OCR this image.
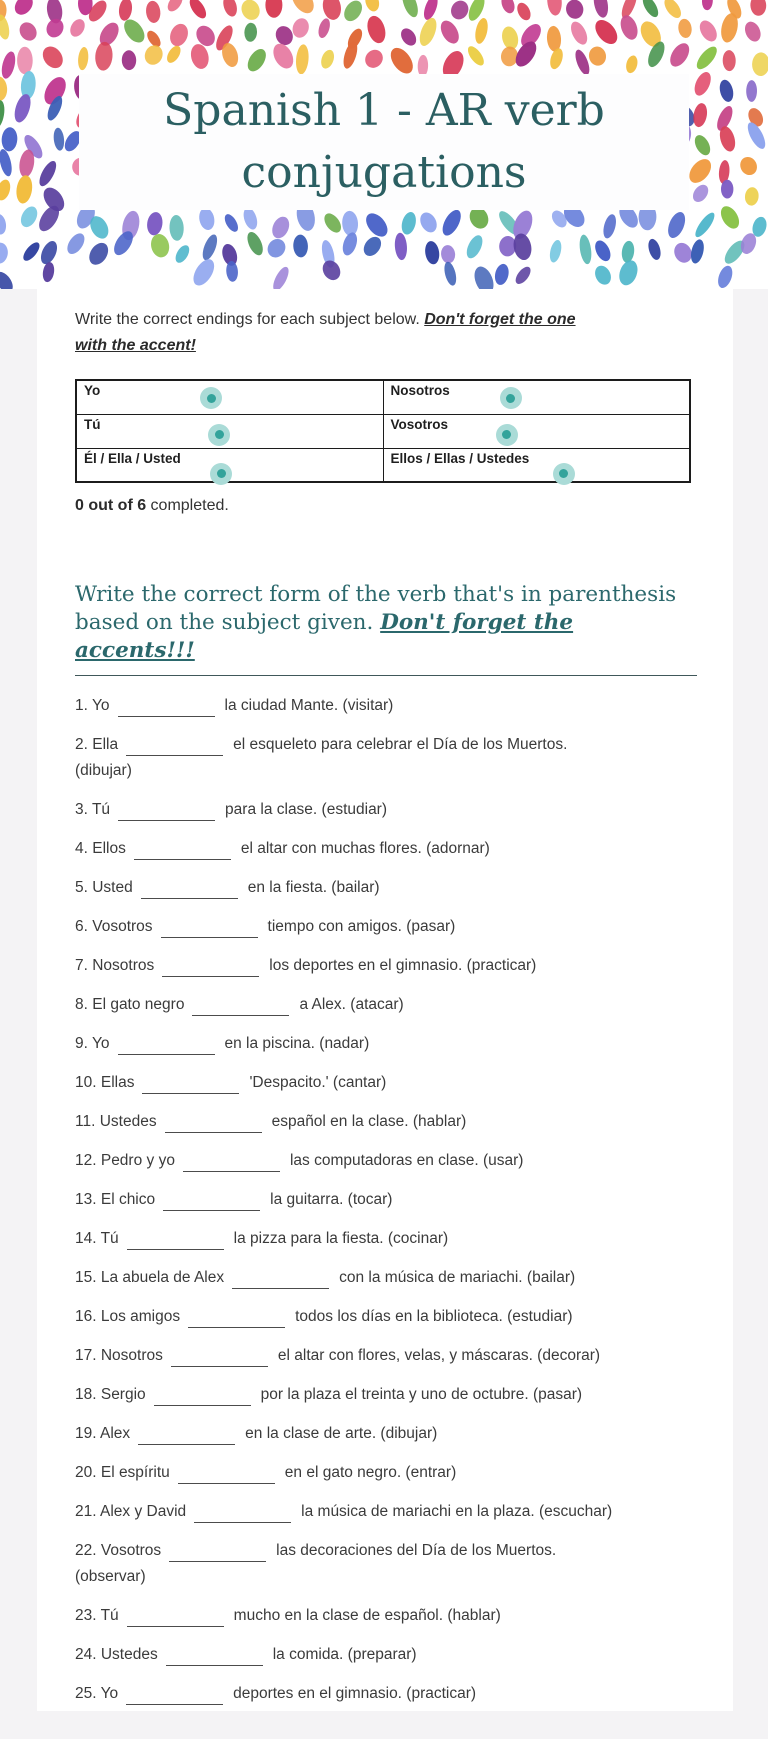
Spanish 1 - AR verb conjugations

Write the correct endings for each subject below. Don't forget the one
with the accent!

Yo	Nosotros

Tú	Vosotros

Él / Ella / Usted	Ellos / Ellas / Ustedes

0 out of 6 completed.

Write the correct form of the verb that's in parenthesis
based on the subject given. Don't forget the accents!!!
1. Yo	la ciudad Mante. (visitar)
2. Ella	el esqueleto para celebrar el Día de los Muertos.
(dibujar)
3. Tú	para la clase. (estudiar)
4. Ellos	el altar con muchas flores. (adornar)
5. Usted	en la fiesta. (bailar)
6. Vosotros	tiempo con amigos. (pasar)
7. Nosotros	los deportes en el gimnasio. (practicar)
8. El gato negro	a Alex. (atacar)
9. Yo	en la piscina. (nadar)
10. Ellas	'Despacito.' (cantar)
11. Ustedes	español en la clase. (hablar)
12. Pedro y yo	las computadoras en clase. (usar)
13. El chico	la guitarra. (tocar)
14. Tú	la pizza para la fiesta. (cocinar)
15. La abuela de Alex	con la música de mariachi. (bailar)
16. Los amigos	todos los días en la biblioteca. (estudiar)
17. Nosotros	el altar con flores, velas, y máscaras. (decorar)
18. Sergio	por la plaza el treinta y uno de octubre. (pasar)
19. Alex	en la clase de arte. (dibujar)
20. El espíritu	en el gato negro. (entrar)
21. Alex y David	la música de mariachi en la plaza. (escuchar)
22. Vosotros	las decoraciones del Día de los Muertos.
(observar)
23. Tú	mucho en la clase de español. (hablar)
24. Ustedes	la comida. (preparar)
25. Yo	deportes en el gimnasio. (practicar)
